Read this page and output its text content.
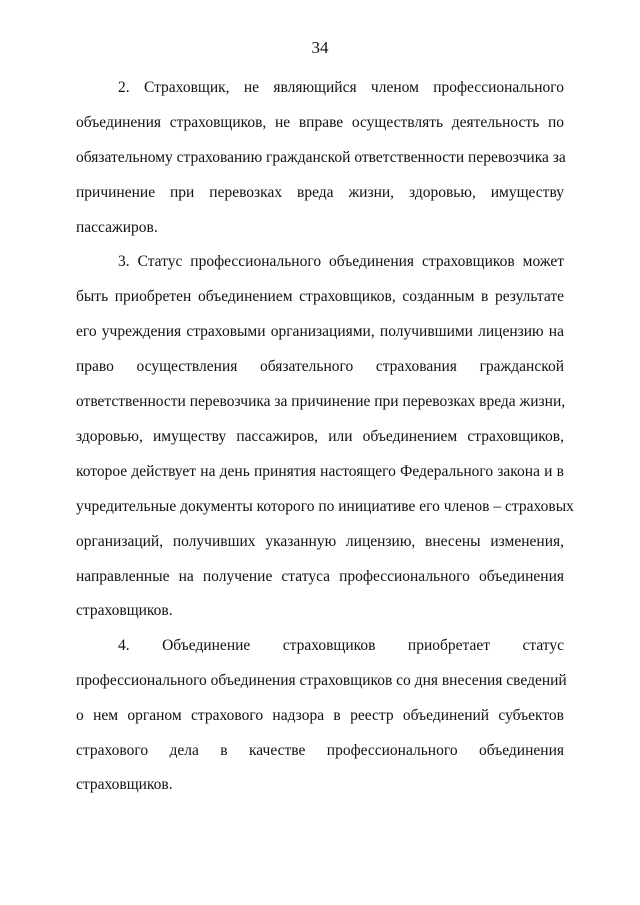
34
2. Страховщик, не являющийся членом профессионального
объединения страховщиков, не вправе осуществлять деятельность по
обязательному страхованию гражданской ответственности перевозчика за
причинение при перевозках вреда жизни, здоровью, имуществу
пассажиров.
3. Статус профессионального объединения страховщиков может
быть приобретен объединением страховщиков, созданным в результате
его учреждения страховыми организациями, получившими лицензию на
право осуществления обязательного страхования гражданской
ответственности перевозчика за причинение при перевозках вреда жизни,
здоровью, имуществу пассажиров, или объединением страховщиков,
которое действует на день принятия настоящего Федерального закона и в
учредительные документы которого по инициативе его членов – страховых
организаций, получивших указанную лицензию, внесены изменения,
направленные на получение статуса профессионального объединения
страховщиков.
4. Объединение страховщиков приобретает статус
профессионального объединения страховщиков со дня внесения сведений
о нем органом страхового надзора в реестр объединений субъектов
страхового дела в качестве профессионального объединения
страховщиков.
